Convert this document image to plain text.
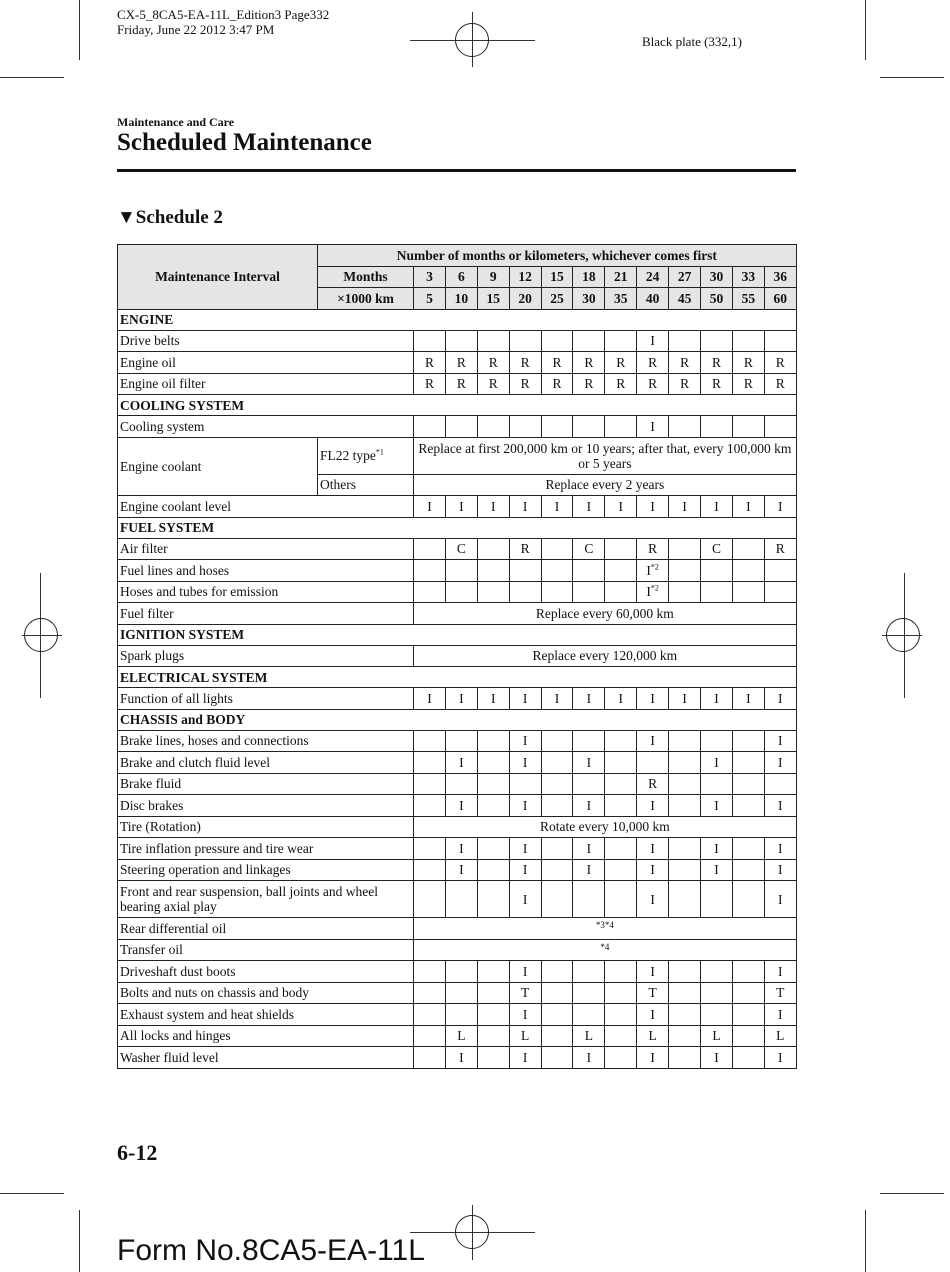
CX-5_8CA5-EA-11L_Edition3 Page332
Friday, June 22 2012 3:47 PM
Black plate (332,1)
Maintenance and Care
Scheduled Maintenance
▼Schedule 2
Maintenance Interval	Number of months or kilometers, whichever comes first												
	Months	3	6	9	12	15	18	21	24	27	30	33	36
	×1000 km	5	10	15	20	25	30	35	40	45	50	55	60
ENGINE													
Drive belts									I				
Engine oil		R	R	R	R	R	R	R	R	R	R	R	R
Engine oil filter		R	R	R	R	R	R	R	R	R	R	R	R
COOLING SYSTEM													
Cooling system									I				
Engine coolant	FL22 type$^{*1}$	Replace at first 200,000 km or 10 years; after that, every 100,000 km or 5 years											
	Others	Replace every 2 years											
Engine coolant level		I	I	I	I	I	I	I	I	I	I	I	I
FUEL SYSTEM													
Air filter			C		R		C		R		C		R
Fuel lines and hoses									$I^{*2}$				
Hoses and tubes for emission									$I^{*2}$				
Fuel filter		Replace every 60,000 km											
IGNITION SYSTEM													
Spark plugs		Replace every 120,000 km											
ELECTRICAL SYSTEM													
Function of all lights		I	I	I	I	I	I	I	I	I	I	I	I
CHASSIS and BODY													
Brake lines, hoses and connections					I				I				I
Brake and clutch fluid level			I		I		I				I		I
Brake fluid									R				
Disc brakes			I		I		I		I		I		I
Tire (Rotation)		Rotate every 10,000 km											
Tire inflation pressure and tire wear			I		I		I		I		I		I
Steering operation and linkages			I		I		I		I		I		I
Front and rear suspension, ball joints and wheel bearing axial play					I				I				I
Rear differential oil		*3*4											
Transfer oil		*4											
Driveshaft dust boots					I				I				I
Bolts and nuts on chassis and body					T				T				T
Exhaust system and heat shields					I				I				I
All locks and hinges			L		L		L		L		L		L
Washer fluid level			I		I		I		I		I		I
6-12
Form No.8CA5-EA-11L
